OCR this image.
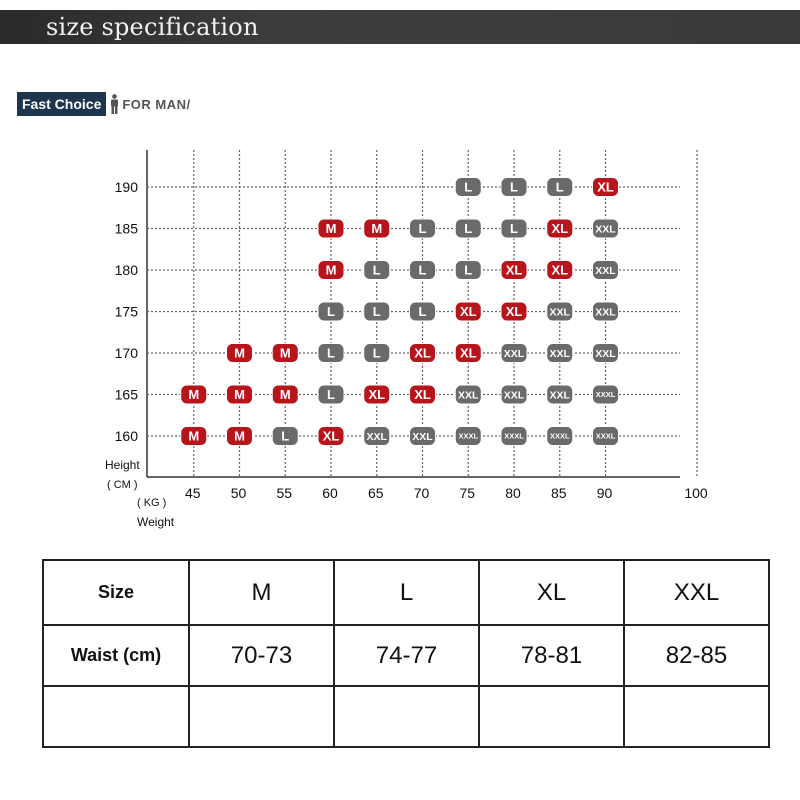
size specification
Fast Choice	FOR MAN/
190
185
180
175
170
165
160
45 50 55 60 65 70 75 80 85 90	100
Height
( CM )
( KG )
Weight
L	L	L	XL
M	M	L	L	L	XL	XXL
M	L	L	L	XL XL	XXL
L	L	L	XL XL	XXL XXL
M	M	L	L	XL XL	XXL XXL XXL
M	M	M	L	XL XL	XXL XXL XXL	XXXL
M	M	L	XL	XXL XXL	XXXL	XXXL	XXXL	XXXL
Size	M	L	XL	XXL
Waist (cm)	70-73	74-77	78-81	82-85
